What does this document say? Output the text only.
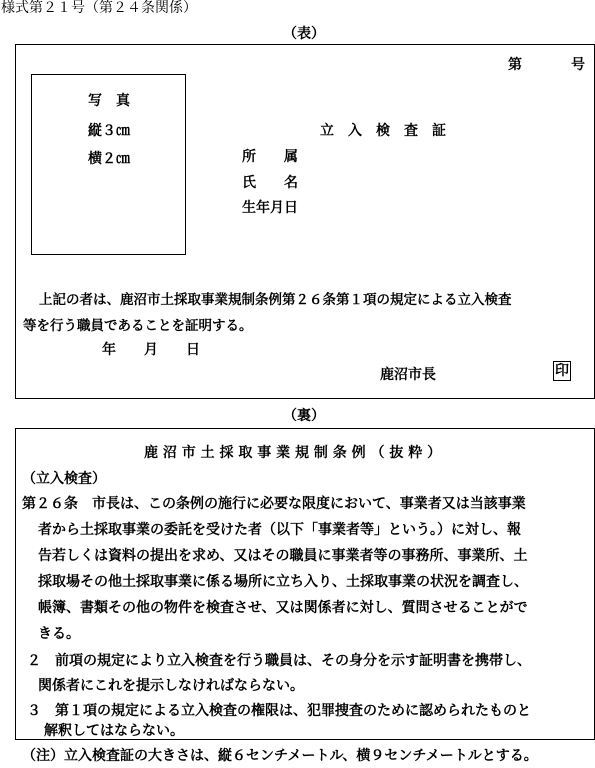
様式第２１号（第２４条関係）
（表）
第	号
写　真
縦３㎝
横２㎝
立　入　検　査　証
所　　属
氏　　名
生年月日
上記の者は、鹿沼市土採取事業規制条例第２６条第１項の規定による立入検査
等を行う職員であることを証明する。
年　　月　　日
鹿沼市長	印
（裏）
鹿 沼 市 土 採 取 事 業 規 制 条 例 （ 抜 粋 ）
（立入検査）
第２６条　市長は、この条例の施行に必要な限度において、事業者又は当該事業
者から土採取事業の委託を受けた者（以下「事業者等」という。）に対し、報
告若しくは資料の提出を求め、又はその職員に事業者等の事務所、事業所、土
採取場その他土採取事業に係る場所に立ち入り、土採取事業の状況を調査し、
帳簿、書類その他の物件を検査させ、又は関係者に対し、質問させることがで
きる。
２　前項の規定により立入検査を行う職員は、その身分を示す証明書を携帯し、
関係者にこれを提示しなければならない。
３　第１項の規定による立入検査の権限は、犯罪捜査のために認められたものと
解釈してはならない。
（注）立入検査証の大きさは、縦６センチメートル、横９センチメートルとする。
